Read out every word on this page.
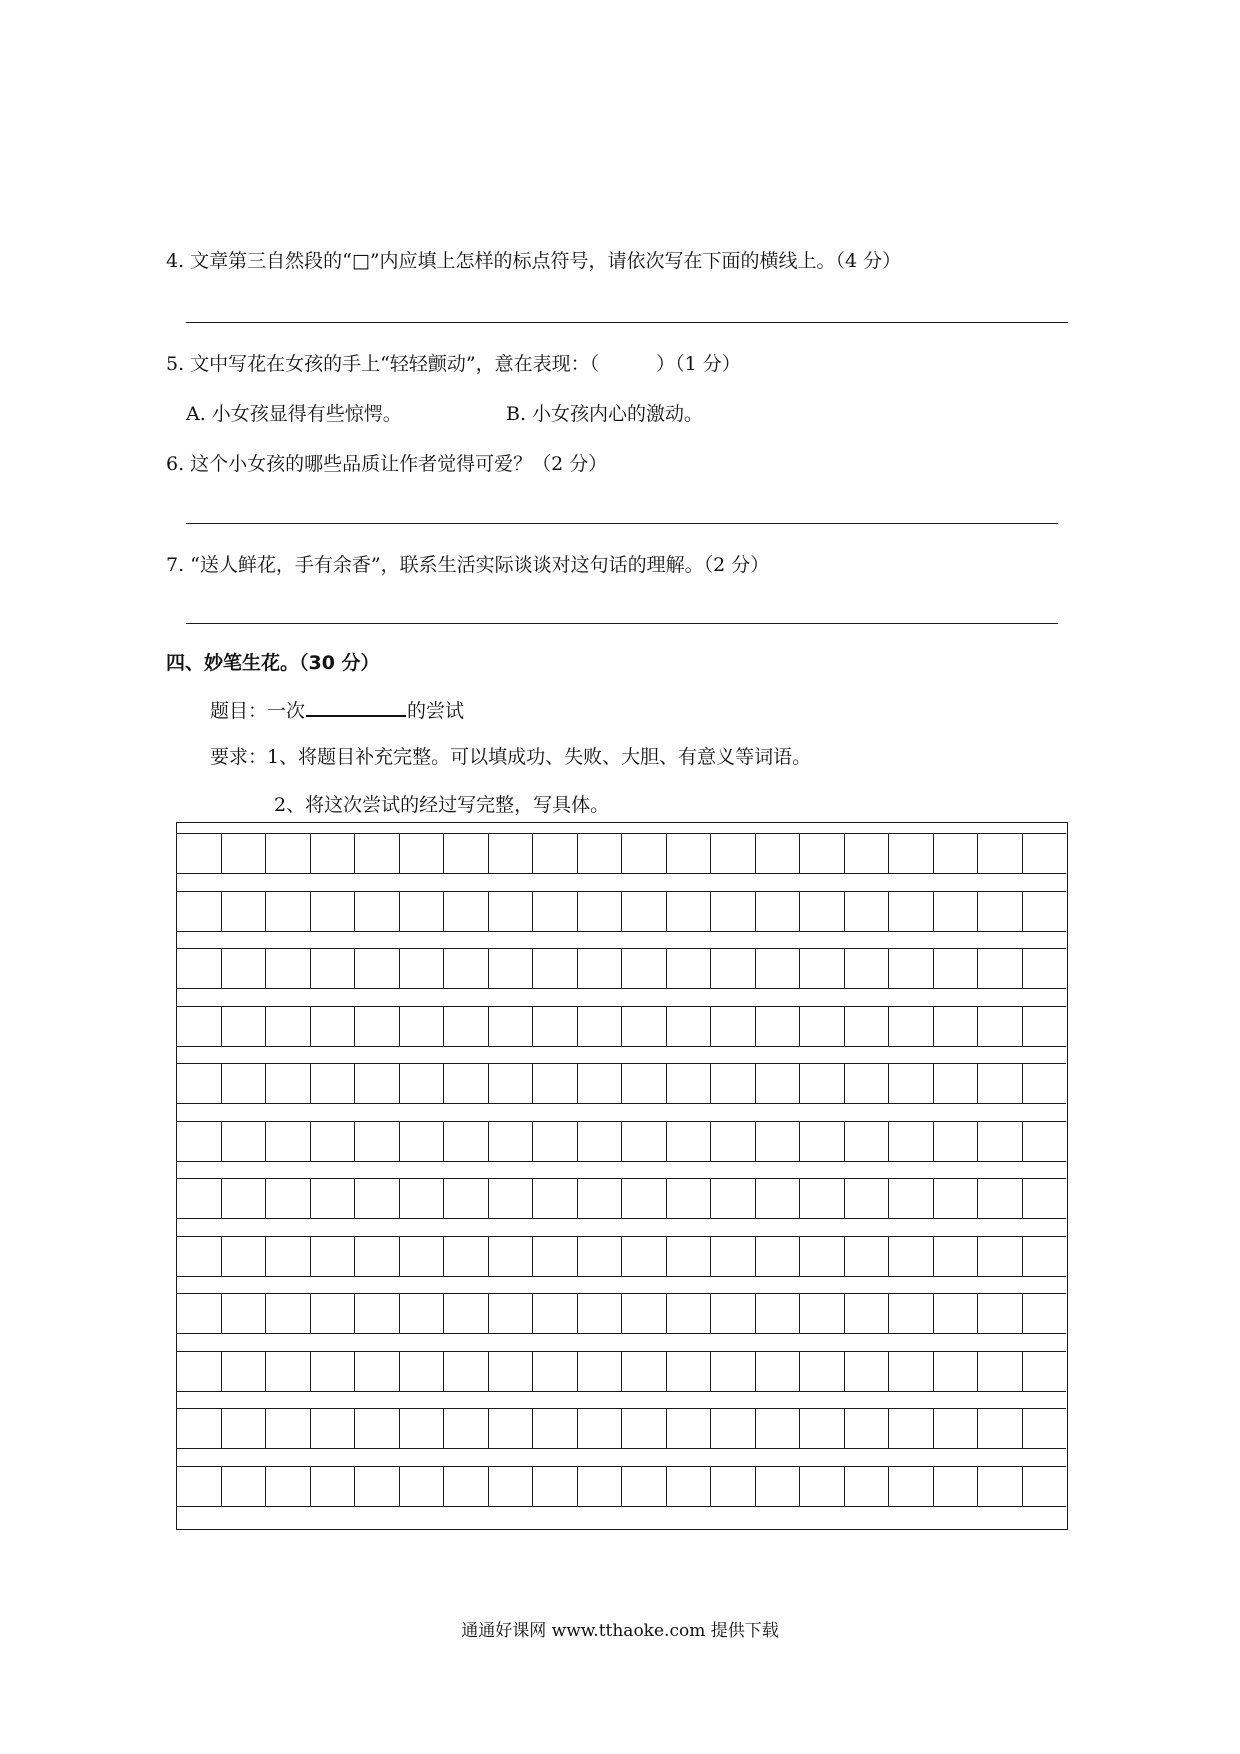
4. 文章第三自然段的“□”内应填上怎样的标点符号，请依次写在下面的横线上。（4 分）
5. 文中写花在女孩的手上“轻轻颤动”，意在表现：（　　　）（1 分）
A. 小女孩显得有些惊愕。	B. 小女孩内心的激动。
6. 这个小女孩的哪些品质让作者觉得可爱？（2 分）
7. “送人鲜花，手有余香”，联系生活实际谈谈对这句话的理解。（2 分）
四、妙笔生花。（30 分）
题目：一次	的尝试
要求：1、将题目补充完整。可以填成功、失败、大胆、有意义等词语。
2、将这次尝试的经过写完整，写具体。
通通好课网 www.tthaoke.com 提供下载
